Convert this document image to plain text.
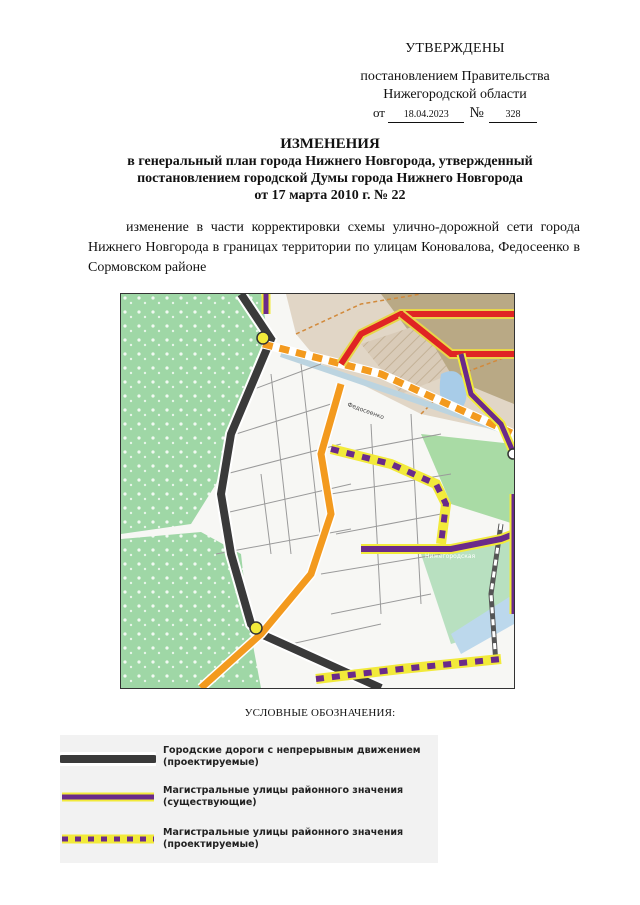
УТВЕРЖДЕНЫ
постановлением Правительства
Нижегородской области
от 18.04.2023 № 328
ИЗМЕНЕНИЯ
в генеральный план города Нижнего Новгорода, утвержденный
постановлением городской Думы города Нижнего Новгорода
от 17 марта 2010 г. № 22
изменение в части корректировки схемы улично-дорожной сети города Нижнего Новгорода в границах территории по улицам Коновалова, Федосеенко в Сормовском районе
Нижегородская
Федосеенко
УСЛОВНЫЕ ОБОЗНАЧЕНИЯ:
Городские дороги с непрерывным движением
(проектируемые)
Магистральные улицы районного значения
(существующие)
Магистральные улицы районного значения
(проектируемые)
